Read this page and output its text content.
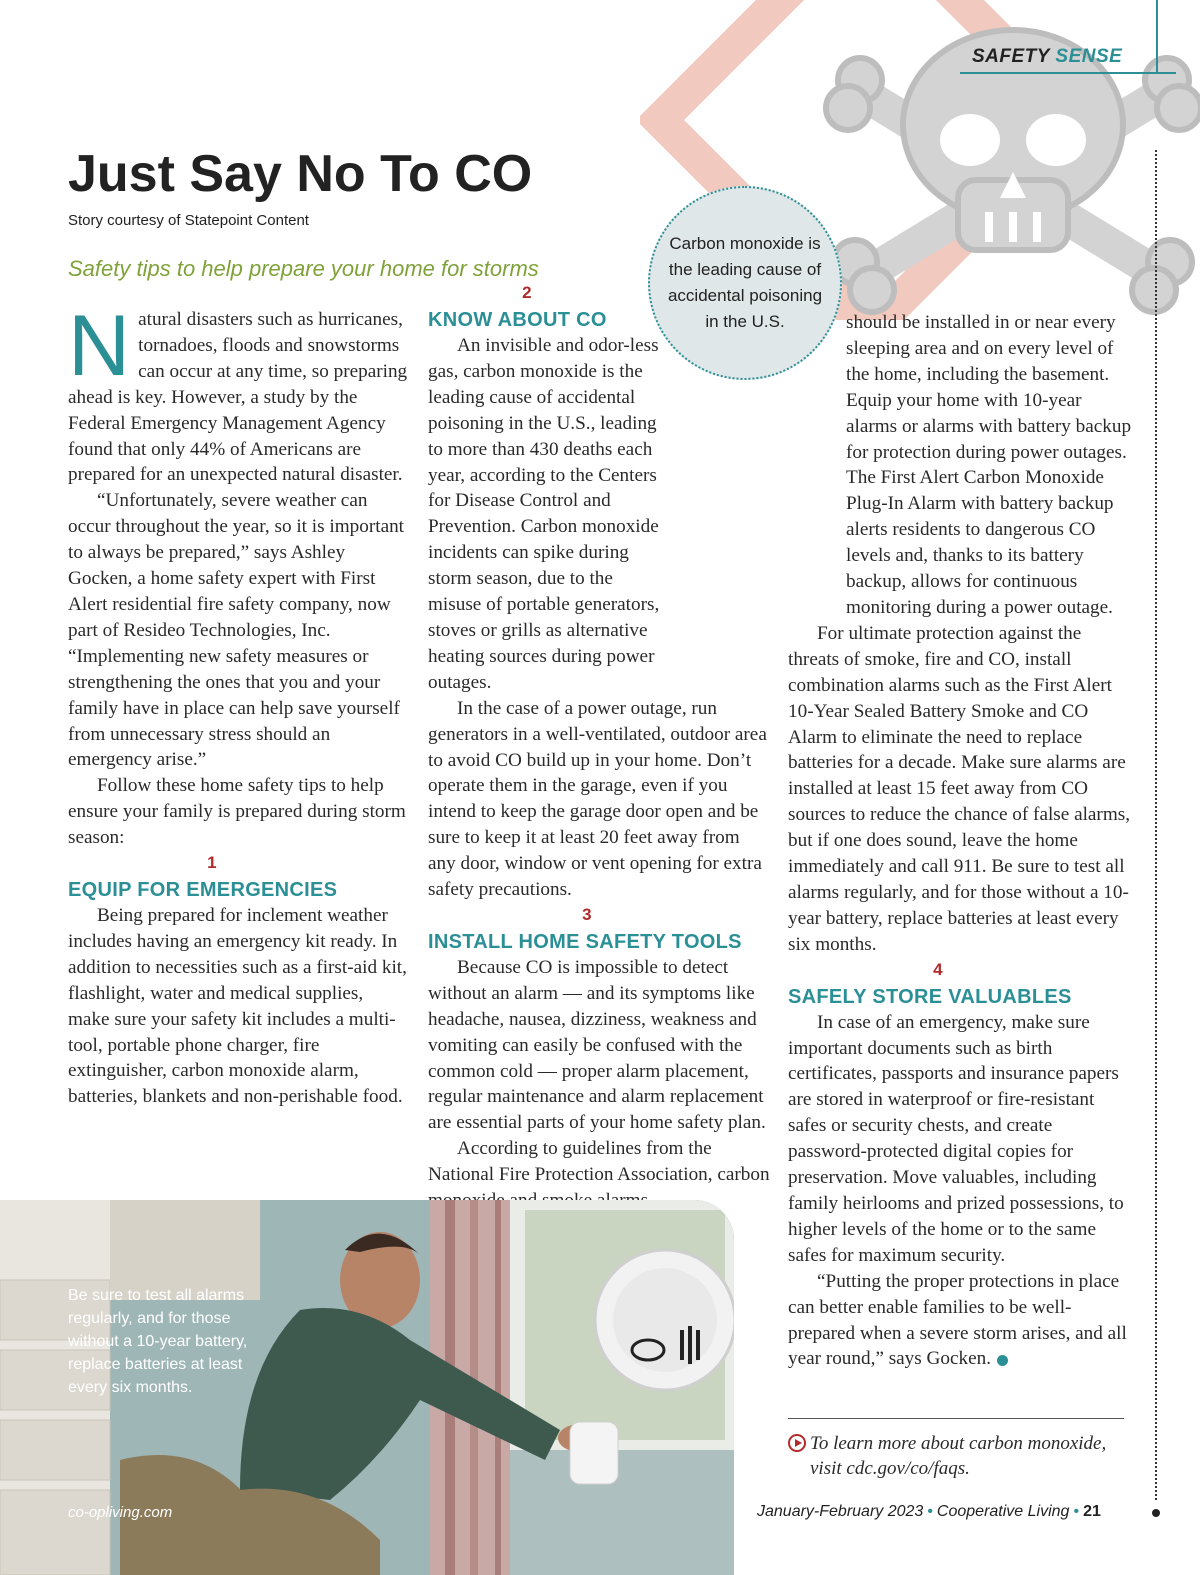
SAFETY SENSE
Just Say No To CO
Story courtesy of Statepoint Content
Safety tips to help prepare your home for storms

Natural disasters such as hurricanes, tornadoes, floods and snowstorms can occur at any time, so preparing ahead is key. However, a study by the Federal Emergency Management Agency found that only 44% of Americans are prepared for an unexpected natural disaster.

“Unfortunately, severe weather can occur throughout the year, so it is important to always be prepared,” says Ashley Gocken, a home safety expert with First Alert residential fire safety company, now part of Resideo Technologies, Inc. “Implementing new safety measures or strengthening the ones that you and your family have in place can help save yourself from unnecessary stress should an emergency arise.”

Follow these home safety tips to help ensure your family is prepared during storm season:

1
EQUIP FOR EMERGENCIES

Being prepared for inclement weather includes having an emergency kit ready. In addition to necessities such as a first-aid kit, flashlight, water and medical supplies, make sure your safety kit includes a multi-tool, portable phone charger, fire extinguisher, carbon monoxide alarm, batteries, blankets and non-perishable food.

2
KNOW ABOUT CO

An invisible and odor-less gas, carbon monoxide is the leading cause of accidental poisoning in the U.S., leading to more than 430 deaths each year, according to the Centers for Disease Control and Prevention. Carbon monoxide incidents can spike during storm season, due to the misuse of portable generators, stoves or grills as alternative heating sources during power outages.

In the case of a power outage, run generators in a well-ventilated, outdoor area to avoid CO build up in your home. Don’t operate them in the garage, even if you intend to keep the garage door open and be sure to keep it at least 20 feet away from any door, window or vent opening for extra safety precautions.

3
INSTALL HOME SAFETY TOOLS

Because CO is impossible to detect without an alarm — and its symptoms like headache, nausea, dizziness, weakness and vomiting can easily be confused with the common cold — proper alarm placement, regular maintenance and alarm replacement are essential parts of your home safety plan.

According to guidelines from the National Fire Protection Association, carbon

should be installed in or near every sleeping area and on every level of the home, including the basement. Equip your home with 10-year alarms or alarms with battery backup for protection during power outages. The First Alert Carbon Monoxide Plug-In Alarm with battery backup alerts residents to dangerous CO levels and, thanks to its battery backup, allows for continuous monitoring during a power outage.

For ultimate protection against the threats of smoke, fire and CO, install combination alarms such as the First Alert 10-Year Sealed Battery Smoke and CO Alarm to eliminate the need to replace batteries for a decade. Make sure alarms are installed at least 15 feet away from CO sources to reduce the chance of false alarms, but if one does sound, leave the home immediately and call 911. Be sure to test all alarms regularly, and for those without a 10-year battery, replace batteries at least every six months.

4
SAFELY STORE VALUABLES

In case of an emergency, make sure important documents such as birth certificates, passports and insurance papers are stored in waterproof or fire-resistant safes or security chests, and create password-protected digital copies for preservation. Move valuables, including family heirlooms and prized possessions, to higher levels of the home or to the same safes for maximum security.

“Putting the proper protections in place can better enable families to be well-prepared when a severe storm arises, and all year round,” says Gocken.

Carbon monoxide is the leading cause of accidental poisoning in the U.S.
To learn more about carbon monoxide, visit cdc.gov/co/faqs.
Be sure to test all alarms regularly, and for those without a 10-year battery, replace batteries at least every six months.
co-opliving.com	January-February 2023 • Cooperative Living • 21
